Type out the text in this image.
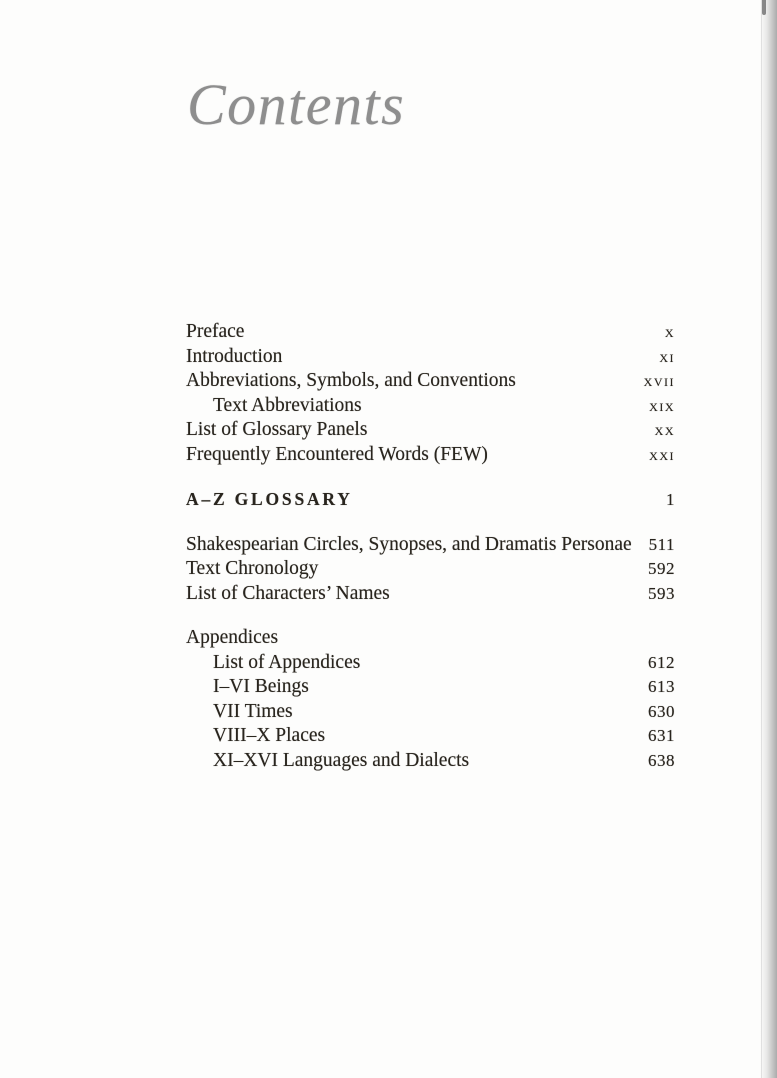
Contents
Preface	x
Introduction	xi
Abbreviations, Symbols, and Conventions	xvii
Text Abbreviations	xix
List of Glossary Panels	xx
Frequently Encountered Words (FEW)	xxi
A–Z GLOSSARY	1
Shakespearian Circles, Synopses, and Dramatis Personae 511
Text Chronology	592
List of Characters’ Names	593
Appendices
List of Appendices	612
I–VI Beings	613
VII Times	630
VIII–X Places	631
XI–XVI Languages and Dialects	638
